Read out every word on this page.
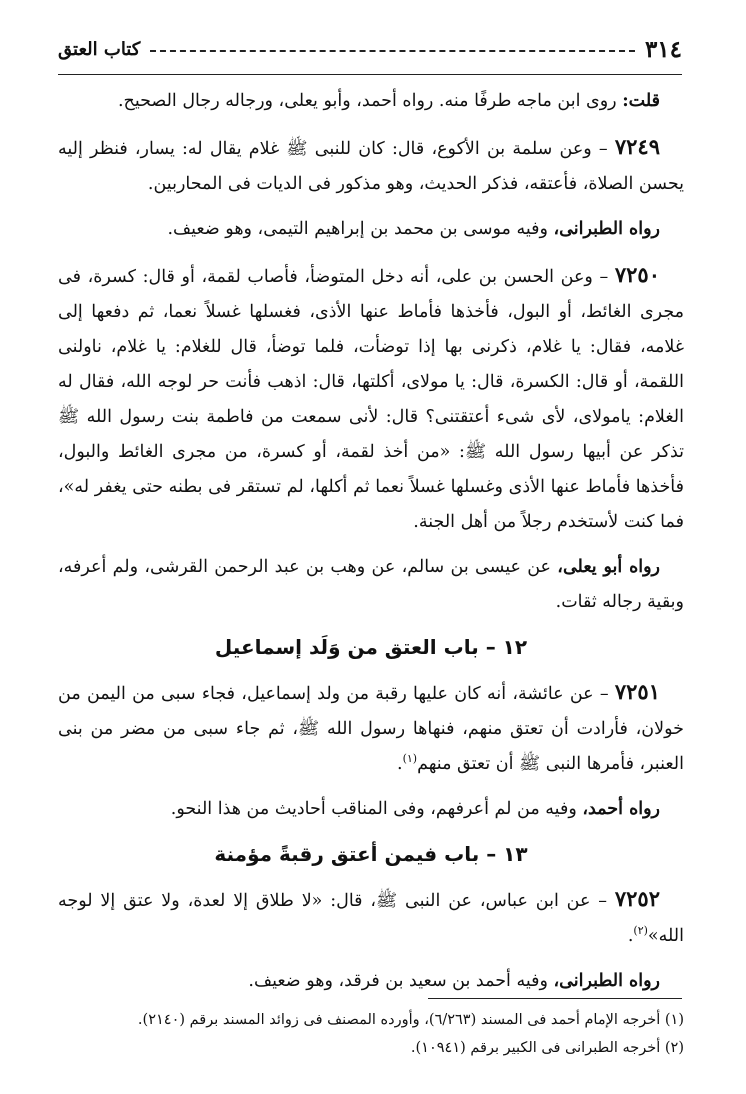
٣١٤
كتاب العتق

قلت: روى ابن ماجه طرفًا منه. رواه أحمد، وأبو يعلى، ورجاله رجال الصحيح.

٧٢٤٩ – وعن سلمة بن الأكوع، قال: كان للنبى ﷺ غلام يقال له: يسار، فنظر إليه يحسن الصلاة، فأعتقه، فذكر الحديث، وهو مذكور فى الديات فى المحاربين.

رواه الطبرانى، وفيه موسى بن محمد بن إبراهيم التيمى، وهو ضعيف.

٧٢٥٠ – وعن الحسن بن على، أنه دخل المتوضأ، فأصاب لقمة، أو قال: كسرة، فى مجرى الغائط، أو البول، فأخذها فأماط عنها الأذى، فغسلها غسلاً نعما، ثم دفعها إلى غلامه، فقال: يا غلام، ذكرنى بها إذا توضأت، فلما توضأ، قال للغلام: يا غلام، ناولنى اللقمة، أو قال: الكسرة، قال: يا مولاى، أكلتها، قال: اذهب فأنت حر لوجه الله، فقال له الغلام: يامولاى، لأى شىء أعتقتنى؟ قال: لأنى سمعت من فاطمة بنت رسول الله ﷺ تذكر عن أبيها رسول الله ﷺ: «من أخذ لقمة، أو كسرة، من مجرى الغائط والبول، فأخذها فأماط عنها الأذى وغسلها غسلاً نعما ثم أكلها، لم تستقر فى بطنه حتى يغفر له»، فما كنت لأستخدم رجلاً من أهل الجنة.

رواه أبو يعلى، عن عيسى بن سالم، عن وهب بن عبد الرحمن القرشى، ولم أعرفه، وبقية رجاله ثقات.

١٢ – باب العتق من وَلَد إسماعيل

٧٢٥١ – عن عائشة، أنه كان عليها رقبة من ولد إسماعيل، فجاء سبى من اليمن من خولان، فأرادت أن تعتق منهم، فنهاها رسول الله ﷺ، ثم جاء سبى من مضر من بنى العنبر، فأمرها النبى ﷺ أن تعتق منهم$^{(١)}$.

رواه أحمد، وفيه من لم أعرفهم، وفى المناقب أحاديث من هذا النحو.

١٣ – باب فيمن أعتق رقبةً مؤمنة

٧٢٥٢ – عن ابن عباس، عن النبى ﷺ، قال: «لا طلاق إلا لعدة، ولا عتق إلا لوجه الله»$^{(٢)}$.

رواه الطبرانى، وفيه أحمد بن سعيد بن فرقد، وهو ضعيف.

(١) أخرجه الإمام أحمد فى المسند (٦/٢٦٣)، وأورده المصنف فى زوائد المسند برقم (٢١٤٠).

(٢) أخرجه الطبرانى فى الكبير برقم (١٠٩٤١).
